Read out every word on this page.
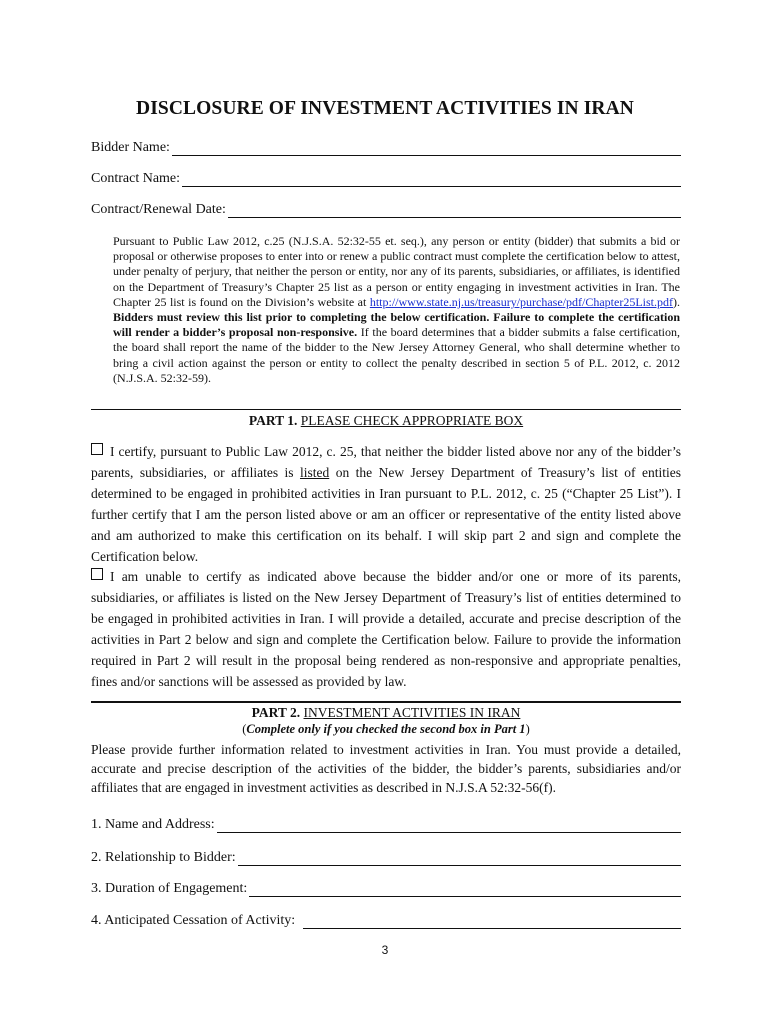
DISCLOSURE OF INVESTMENT ACTIVITIES IN IRAN
Bidder Name:
Contract Name:
Contract/Renewal Date:
Pursuant to Public Law 2012, c.25 (N.J.S.A. 52:32-55 et. seq.), any person or entity (bidder) that submits a bid or proposal or otherwise proposes to enter into or renew a public contract must complete the certification below to attest, under penalty of perjury, that neither the person or entity, nor any of its parents, subsidiaries, or affiliates, is identified on the Department of Treasury’s Chapter 25 list as a person or entity engaging in investment activities in Iran. The Chapter 25 list is found on the Division’s website at http://www.state.nj.us/treasury/purchase/pdf/Chapter25List.pdf). Bidders must review this list prior to completing the below certification. Failure to complete the certification will render a bidder’s proposal non-responsive. If the board determines that a bidder submits a false certification, the board shall report the name of the bidder to the New Jersey Attorney General, who shall determine whether to bring a civil action against the person or entity to collect the penalty described in section 5 of P.L. 2012, c. 2012 (N.J.S.A. 52:32-59).
PART 1. PLEASE CHECK APPROPRIATE BOX
I certify, pursuant to Public Law 2012, c. 25, that neither the bidder listed above nor any of the bidder’s parents, subsidiaries, or affiliates is listed on the New Jersey Department of Treasury’s list of entities determined to be engaged in prohibited activities in Iran pursuant to P.L. 2012, c. 25 (“Chapter 25 List”). I further certify that I am the person listed above or am an officer or representative of the entity listed above and am authorized to make this certification on its behalf. I will skip part 2 and sign and complete the Certification below.
I am unable to certify as indicated above because the bidder and/or one or more of its parents, subsidiaries, or affiliates is listed on the New Jersey Department of Treasury’s list of entities determined to be engaged in prohibited activities in Iran. I will provide a detailed, accurate and precise description of the activities in Part 2 below and sign and complete the Certification below. Failure to provide the information required in Part 2 will result in the proposal being rendered as non-responsive and appropriate penalties, fines and/or sanctions will be assessed as provided by law.
PART 2. INVESTMENT ACTIVITIES IN IRAN
(Complete only if you checked the second box in Part 1)
Please provide further information related to investment activities in Iran. You must provide a detailed, accurate and precise description of the activities of the bidder, the bidder’s parents, subsidiaries and/or affiliates that are engaged in investment activities as described in N.J.S.A 52:32-56(f).
1. Name and Address:
2. Relationship to Bidder:
3. Duration of Engagement:
4. Anticipated Cessation of Activity:
3
